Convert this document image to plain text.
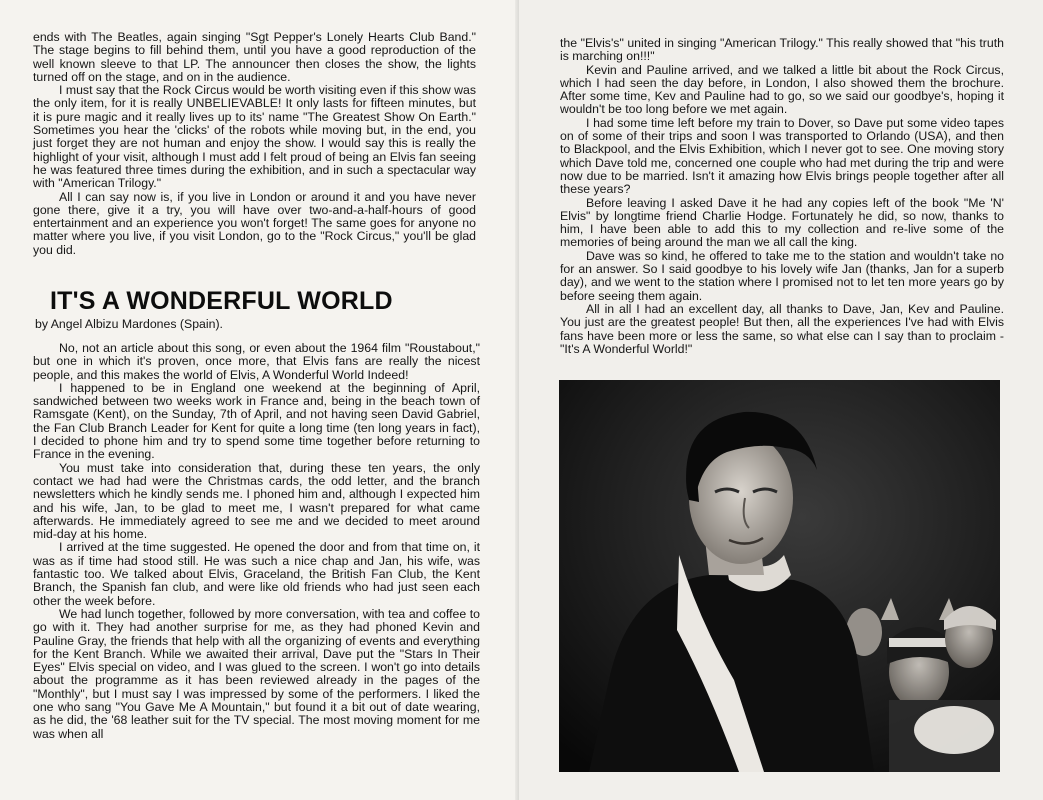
ends with The Beatles, again singing "Sgt Pepper's Lonely Hearts Club Band." The stage begins to fill behind them, until you have a good reproduction of the well known sleeve to that LP. The announcer then closes the show, the lights turned off on the stage, and on in the audience.

I must say that the Rock Circus would be worth visiting even if this show was the only item, for it is really UNBELIEVABLE! It only lasts for fifteen minutes, but it is pure magic and it really lives up to its' name "The Greatest Show On Earth." Sometimes you hear the 'clicks' of the robots while moving but, in the end, you just forget they are not human and enjoy the show. I would say this is really the highlight of your visit, although I must add I felt proud of being an Elvis fan seeing he was featured three times during the exhibition, and in such a spectacular way with "American Trilogy."

All I can say now is, if you live in London or around it and you have never gone there, give it a try, you will have over two-and-a-half-hours of good entertainment and an experience you won't forget! The same goes for anyone no matter where you live, if you visit London, go to the "Rock Circus," you'll be glad you did.

IT'S A WONDERFUL WORLD
by Angel Albizu Mardones (Spain).

No, not an article about this song, or even about the 1964 film "Roustabout," but one in which it's proven, once more, that Elvis fans are really the nicest people, and this makes the world of Elvis, A Wonderful World Indeed!

I happened to be in England one weekend at the beginning of April, sandwiched between two weeks work in France and, being in the beach town of Ramsgate (Kent), on the Sunday, 7th of April, and not having seen David Gabriel, the Fan Club Branch Leader for Kent for quite a long time (ten long years in fact), I decided to phone him and try to spend some time together before returning to France in the evening.

You must take into consideration that, during these ten years, the only contact we had had were the Christmas cards, the odd letter, and the branch newsletters which he kindly sends me. I phoned him and, although I expected him and his wife, Jan, to be glad to meet me, I wasn't prepared for what came afterwards. He immediately agreed to see me and we decided to meet around mid-day at his home.

I arrived at the time suggested. He opened the door and from that time on, it was as if time had stood still. He was such a nice chap and Jan, his wife, was fantastic too. We talked about Elvis, Graceland, the British Fan Club, the Kent Branch, the Spanish fan club, and were like old friends who had just seen each other the week before.

We had lunch together, followed by more conversation, with tea and coffee to go with it. They had another surprise for me, as they had phoned Kevin and Pauline Gray, the friends that help with all the organizing of events and everything for the Kent Branch. While we awaited their arrival, Dave put the "Stars In Their Eyes" Elvis special on video, and I was glued to the screen. I won't go into details about the programme as it has been reviewed already in the pages of the "Monthly", but I must say I was impressed by some of the performers. I liked the one who sang "You Gave Me A Mountain," but found it a bit out of date wearing, as he did, the '68 leather suit for the TV special. The most moving moment for me was when all

the "Elvis's" united in singing "American Trilogy." This really showed that "his truth is marching on!!!"

Kevin and Pauline arrived, and we talked a little bit about the Rock Circus, which I had seen the day before, in London, I also showed them the brochure. After some time, Kev and Pauline had to go, so we said our goodbye's, hoping it wouldn't be too long before we met again.

I had some time left before my train to Dover, so Dave put some video tapes on of some of their trips and soon I was transported to Orlando (USA), and then to Blackpool, and the Elvis Exhibition, which I never got to see. One moving story which Dave told me, concerned one couple who had met during the trip and were now due to be married. Isn't it amazing how Elvis brings people together after all these years?

Before leaving I asked Dave it he had any copies left of the book "Me 'N' Elvis" by longtime friend Charlie Hodge. Fortunately he did, so now, thanks to him, I have been able to add this to my collection and re-live some of the memories of being around the man we all call the king.

Dave was so kind, he offered to take me to the station and wouldn't take no for an answer. So I said goodbye to his lovely wife Jan (thanks, Jan for a superb day), and we went to the station where I promised not to let ten more years go by before seeing them again.

All in all I had an excellent day, all thanks to Dave, Jan, Kev and Pauline. You just are the greatest people! But then, all the experiences I've had with Elvis fans have been more or less the same, so what else can I say than to proclaim - "It's A Wonderful World!"
